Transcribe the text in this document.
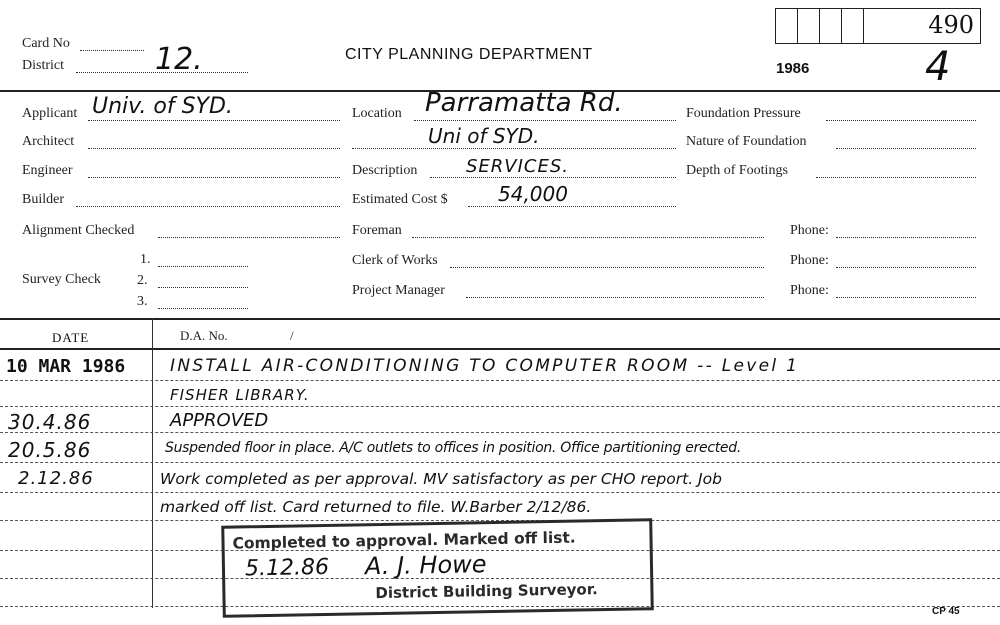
Card No
District	12.	CITY PLANNING DEPARTMENT
1986
490
4
Applicant Univ. of SYD.
Architect
Engineer
Builder
Alignment Checked
Survey Check
1.
2.
3.
Location Parramatta Rd.
Uni of SYD.
Description	SERVICES.
Estimated Cost $	54,000
Foreman	Phone:
Clerk of Works	Phone:
Project Manager	Phone:
Foundation Pressure
Nature of Foundation
Depth of Footings
DATE	D.A. No.	/
10 MAR 1986	INSTALL AIR-CONDITIONING TO COMPUTER ROOM -- Level 1
FISHER LIBRARY.
30.4.86	APPROVED
20.5.86	Suspended floor in place. A/C outlets to offices in position. Office partitioning erected.
2.12.86	Work completed as per approval. MV satisfactory as per CHO report. Job
marked off list. Card returned to file. W.Barber 2/12/86.
Completed to approval. Marked off list.
5.12.86 A. J. Howe
District Building Surveyor.
CP 45
